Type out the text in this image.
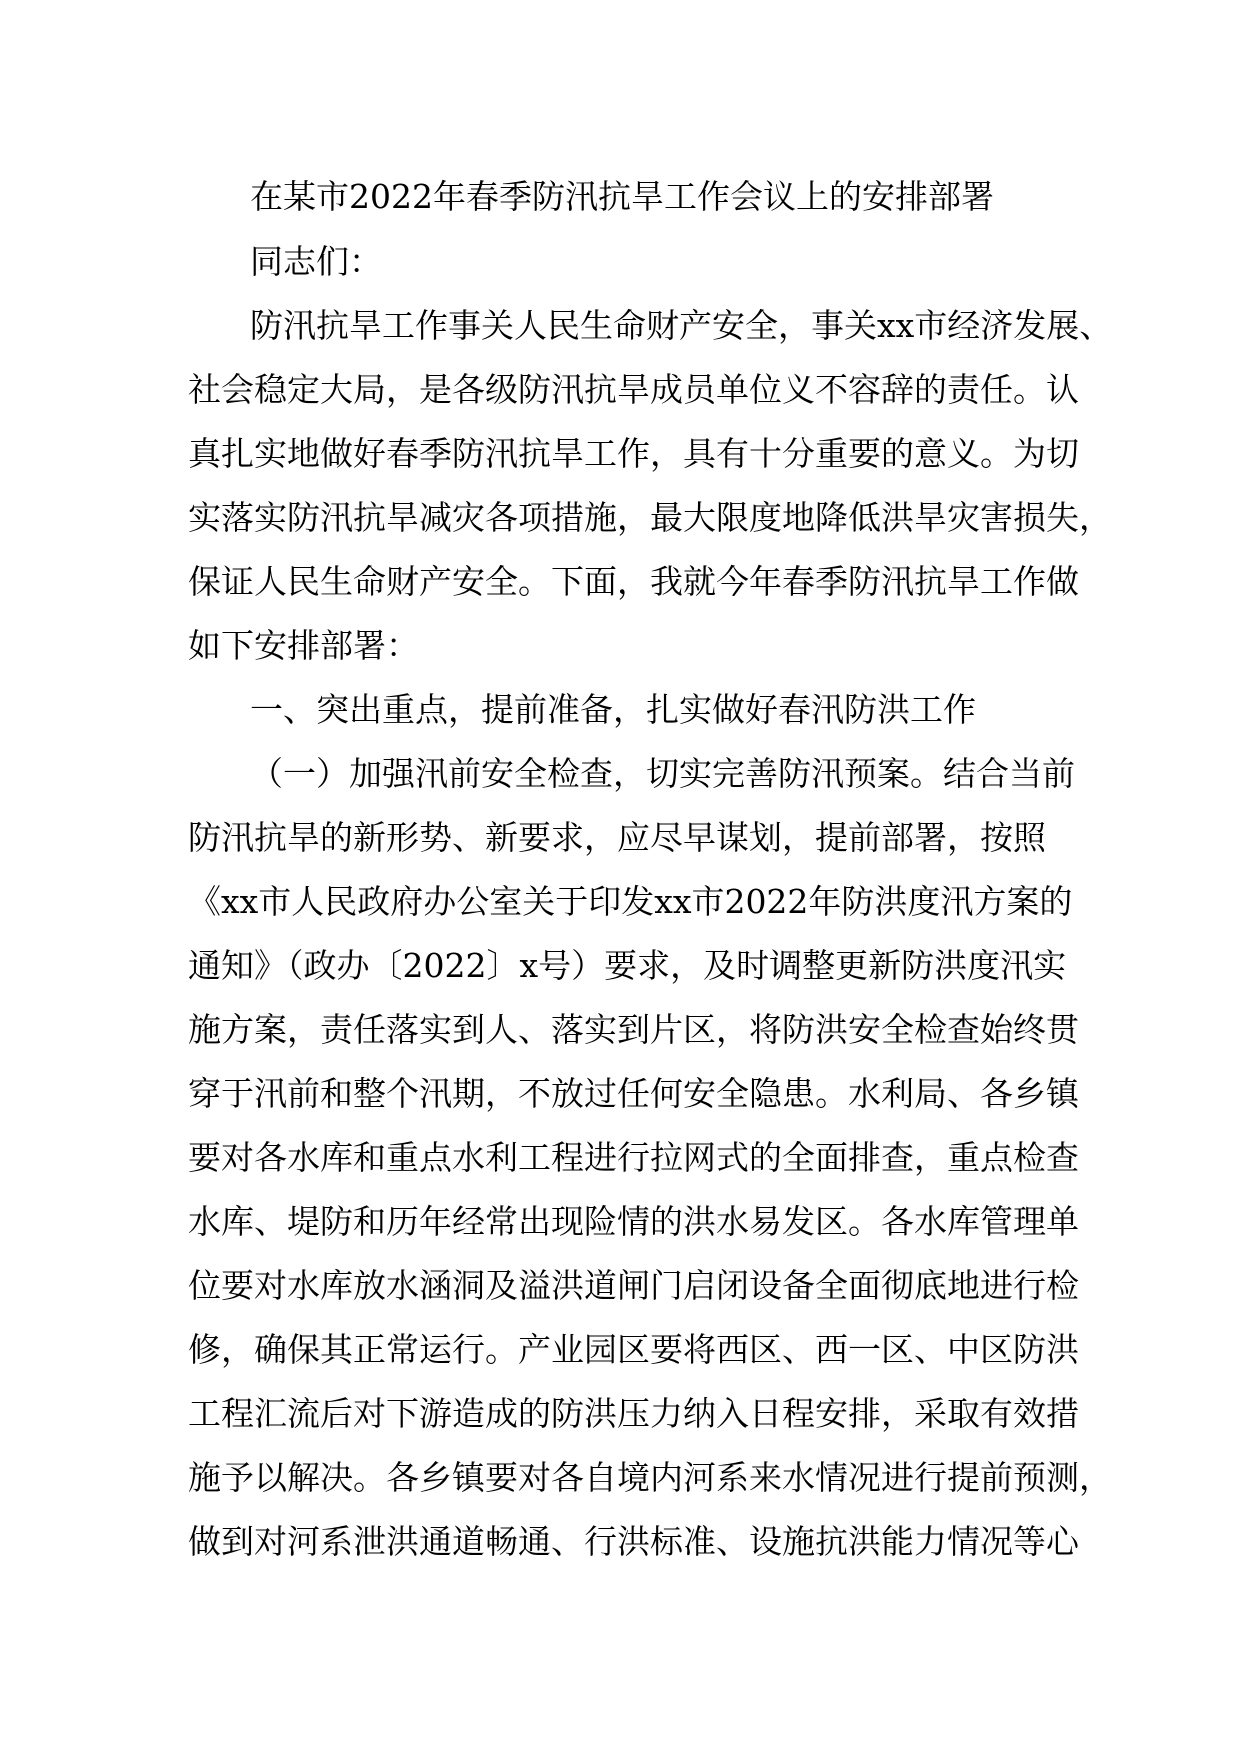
在某市2022年春季防汛抗旱工作会议上的安排部署
同志们：
防汛抗旱工作事关人民生命财产安全，事关xx市经济发展、
社会稳定大局，是各级防汛抗旱成员单位义不容辞的责任。认
真扎实地做好春季防汛抗旱工作，具有十分重要的意义。为切
实落实防汛抗旱减灾各项措施，最大限度地降低洪旱灾害损失，
保证人民生命财产安全。下面，我就今年春季防汛抗旱工作做
如下安排部署：
一、突出重点，提前准备，扎实做好春汛防洪工作
（一）加强汛前安全检查，切实完善防汛预案。结合当前
防汛抗旱的新形势、新要求，应尽早谋划，提前部署，按照
《xx市人民政府办公室关于印发xx市2022年防洪度汛方案的
通知》（政办〔2022〕x号）要求，及时调整更新防洪度汛实
施方案，责任落实到人、落实到片区，将防洪安全检查始终贯
穿于汛前和整个汛期，不放过任何安全隐患。水利局、各乡镇
要对各水库和重点水利工程进行拉网式的全面排查，重点检查
水库、堤防和历年经常出现险情的洪水易发区。各水库管理单
位要对水库放水涵洞及溢洪道闸门启闭设备全面彻底地进行检
修，确保其正常运行。产业园区要将西区、西一区、中区防洪
工程汇流后对下游造成的防洪压力纳入日程安排，采取有效措
施予以解决。各乡镇要对各自境内河系来水情况进行提前预测，
做到对河系泄洪通道畅通、行洪标准、设施抗洪能力情况等心
